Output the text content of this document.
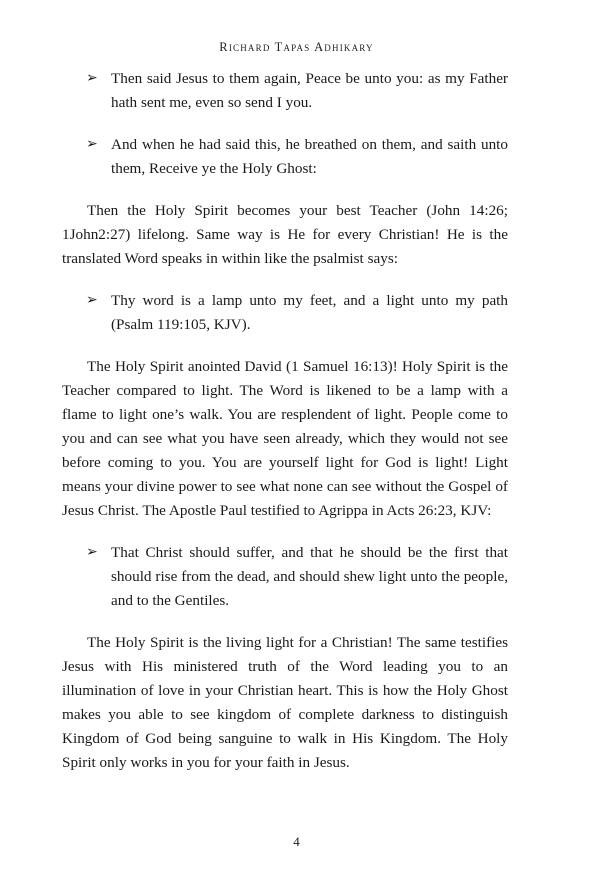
Richard Tapas Adhikary
➢ Then said Jesus to them again, Peace be unto you: as my Father hath sent me, even so send I you.
➢ And when he had said this, he breathed on them, and saith unto them, Receive ye the Holy Ghost:

Then the Holy Spirit becomes your best Teacher (John 14:26; 1John2:27) lifelong. Same way is He for every Christian! He is the translated Word speaks in within like the psalmist says:

➢ Thy word is a lamp unto my feet, and a light unto my path (Psalm 119:105, KJV).

The Holy Spirit anointed David (1 Samuel 16:13)! Holy Spirit is the Teacher compared to light. The Word is likened to be a lamp with a flame to light one’s walk. You are resplendent of light. People come to you and can see what you have seen already, which they would not see before coming to you. You are yourself light for God is light! Light means your divine power to see what none can see without the Gospel of Jesus Christ. The Apostle Paul testified to Agrippa in Acts 26:23, KJV:

➢ That Christ should suffer, and that he should be the first that should rise from the dead, and should shew light unto the people, and to the Gentiles.

The Holy Spirit is the living light for a Christian! The same testifies Jesus with His ministered truth of the Word leading you to an illumination of love in your Christian heart. This is how the Holy Ghost makes you able to see kingdom of complete darkness to distinguish Kingdom of God being sanguine to walk in His Kingdom. The Holy Spirit only works in you for your faith in Jesus.

4
